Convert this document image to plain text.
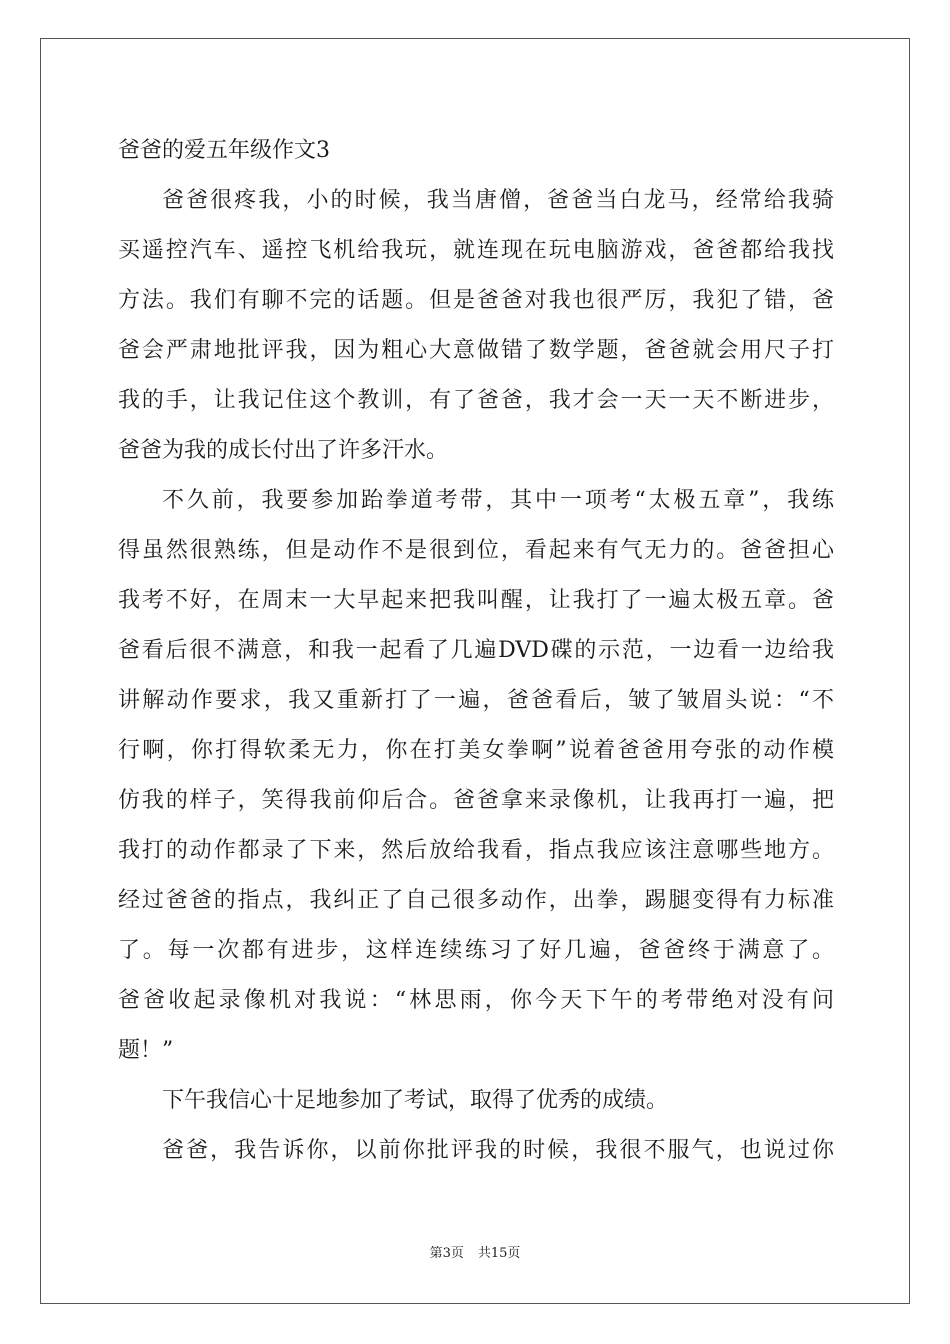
爸爸的爱五年级作文3
爸爸很疼我，小的时候，我当唐僧，爸爸当白龙马，经常给我骑
买遥控汽车、遥控飞机给我玩，就连现在玩电脑游戏，爸爸都给我找
方法。我们有聊不完的话题。但是爸爸对我也很严厉，我犯了错，爸
爸会严肃地批评我，因为粗心大意做错了数学题，爸爸就会用尺子打
我的手，让我记住这个教训，有了爸爸，我才会一天一天不断进步，
爸爸为我的成长付出了许多汗水。
不久前，我要参加跆拳道考带，其中一项考“太极五章”，我练
得虽然很熟练，但是动作不是很到位，看起来有气无力的。爸爸担心
我考不好，在周末一大早起来把我叫醒，让我打了一遍太极五章。爸
爸看后很不满意，和我一起看了几遍DVD碟的示范，一边看一边给我
讲解动作要求，我又重新打了一遍，爸爸看后，皱了皱眉头说：“不
行啊，你打得软柔无力，你在打美女拳啊”说着爸爸用夸张的动作模
仿我的样子，笑得我前仰后合。爸爸拿来录像机，让我再打一遍，把
我打的动作都录了下来，然后放给我看，指点我应该注意哪些地方。
经过爸爸的指点，我纠正了自己很多动作，出拳，踢腿变得有力标准
了。每一次都有进步，这样连续练习了好几遍，爸爸终于满意了。
爸爸收起录像机对我说：“林思雨，你今天下午的考带绝对没有问
题！”
下午我信心十足地参加了考试，取得了优秀的成绩。
爸爸，我告诉你，以前你批评我的时候，我很不服气，也说过你
第3页 共15页
